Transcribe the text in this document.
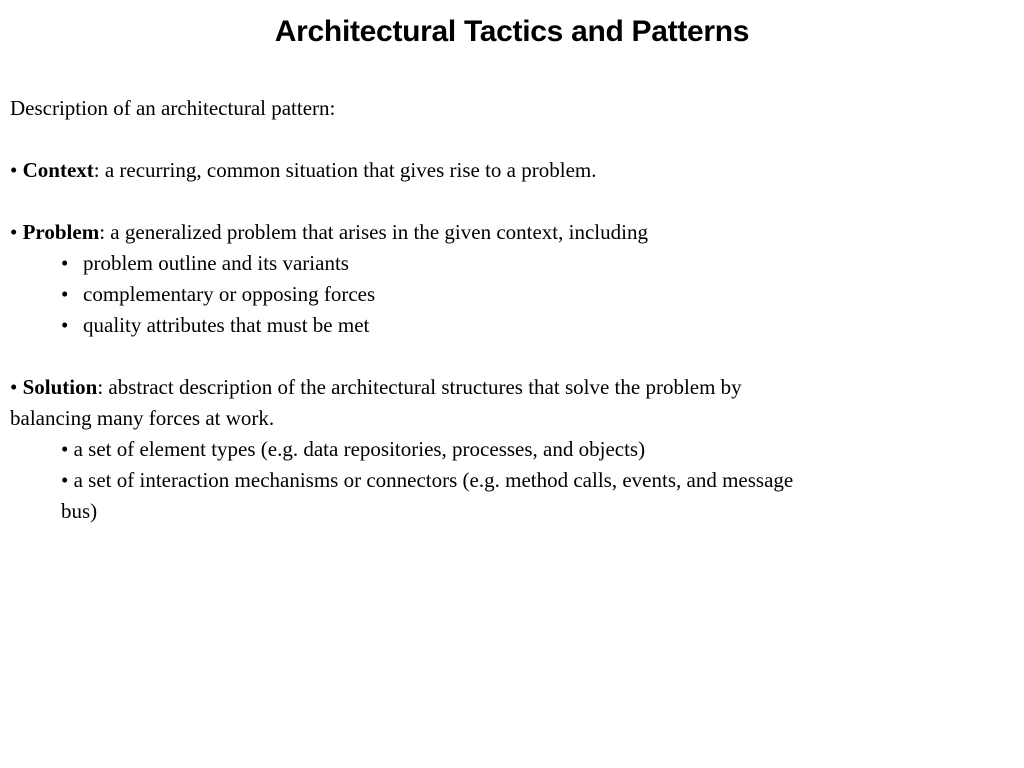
Architectural Tactics and Patterns

Description of an architectural pattern:

• Context: a recurring, common situation that gives rise to a problem.

• Problem: a generalized problem that arises in the given context, including

• problem outline and its variants

• complementary or opposing forces

• quality attributes that must be met

• Solution: abstract description of the architectural structures that solve the problem by

balancing many forces at work.

• a set of element types (e.g. data repositories, processes, and objects)

• a set of interaction mechanisms or connectors (e.g. method calls, events, and message

bus)
